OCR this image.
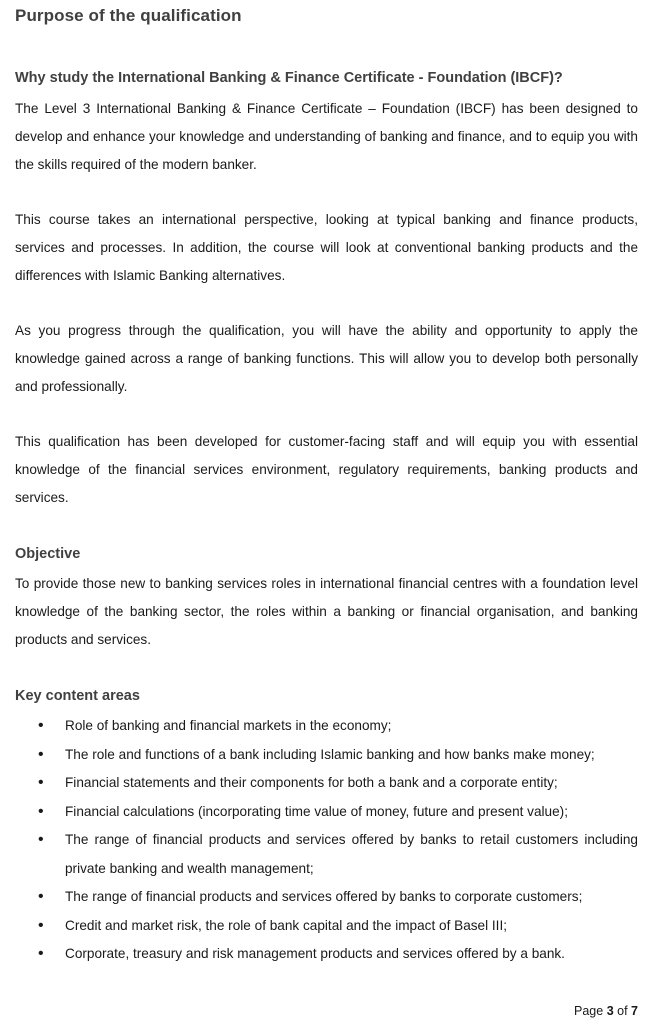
Purpose of the qualification
Why study the International Banking & Finance Certificate - Foundation (IBCF)?

The Level 3 International Banking & Finance Certificate – Foundation (IBCF) has been designed to develop and enhance your knowledge and understanding of banking and finance, and to equip you with the skills required of the modern banker.

This course takes an international perspective, looking at typical banking and finance products, services and processes. In addition, the course will look at conventional banking products and the differences with Islamic Banking alternatives.

As you progress through the qualification, you will have the ability and opportunity to apply the knowledge gained across a range of banking functions. This will allow you to develop both personally and professionally.

This qualification has been developed for customer-facing staff and will equip you with essential knowledge of the financial services environment, regulatory requirements, banking products and services.

Objective

To provide those new to banking services roles in international financial centres with a foundation level knowledge of the banking sector, the roles within a banking or financial organisation, and banking products and services.

Key content areas
• Role of banking and financial markets in the economy;
• The role and functions of a bank including Islamic banking and how banks make money;
• Financial statements and their components for both a bank and a corporate entity;
• Financial calculations (incorporating time value of money, future and present value);
• The range of financial products and services offered by banks to retail customers including private banking and wealth management;
• The range of financial products and services offered by banks to corporate customers;
• Credit and market risk, the role of bank capital and the impact of Basel III;
• Corporate, treasury and risk management products and services offered by a bank.
Page 3 of 7
